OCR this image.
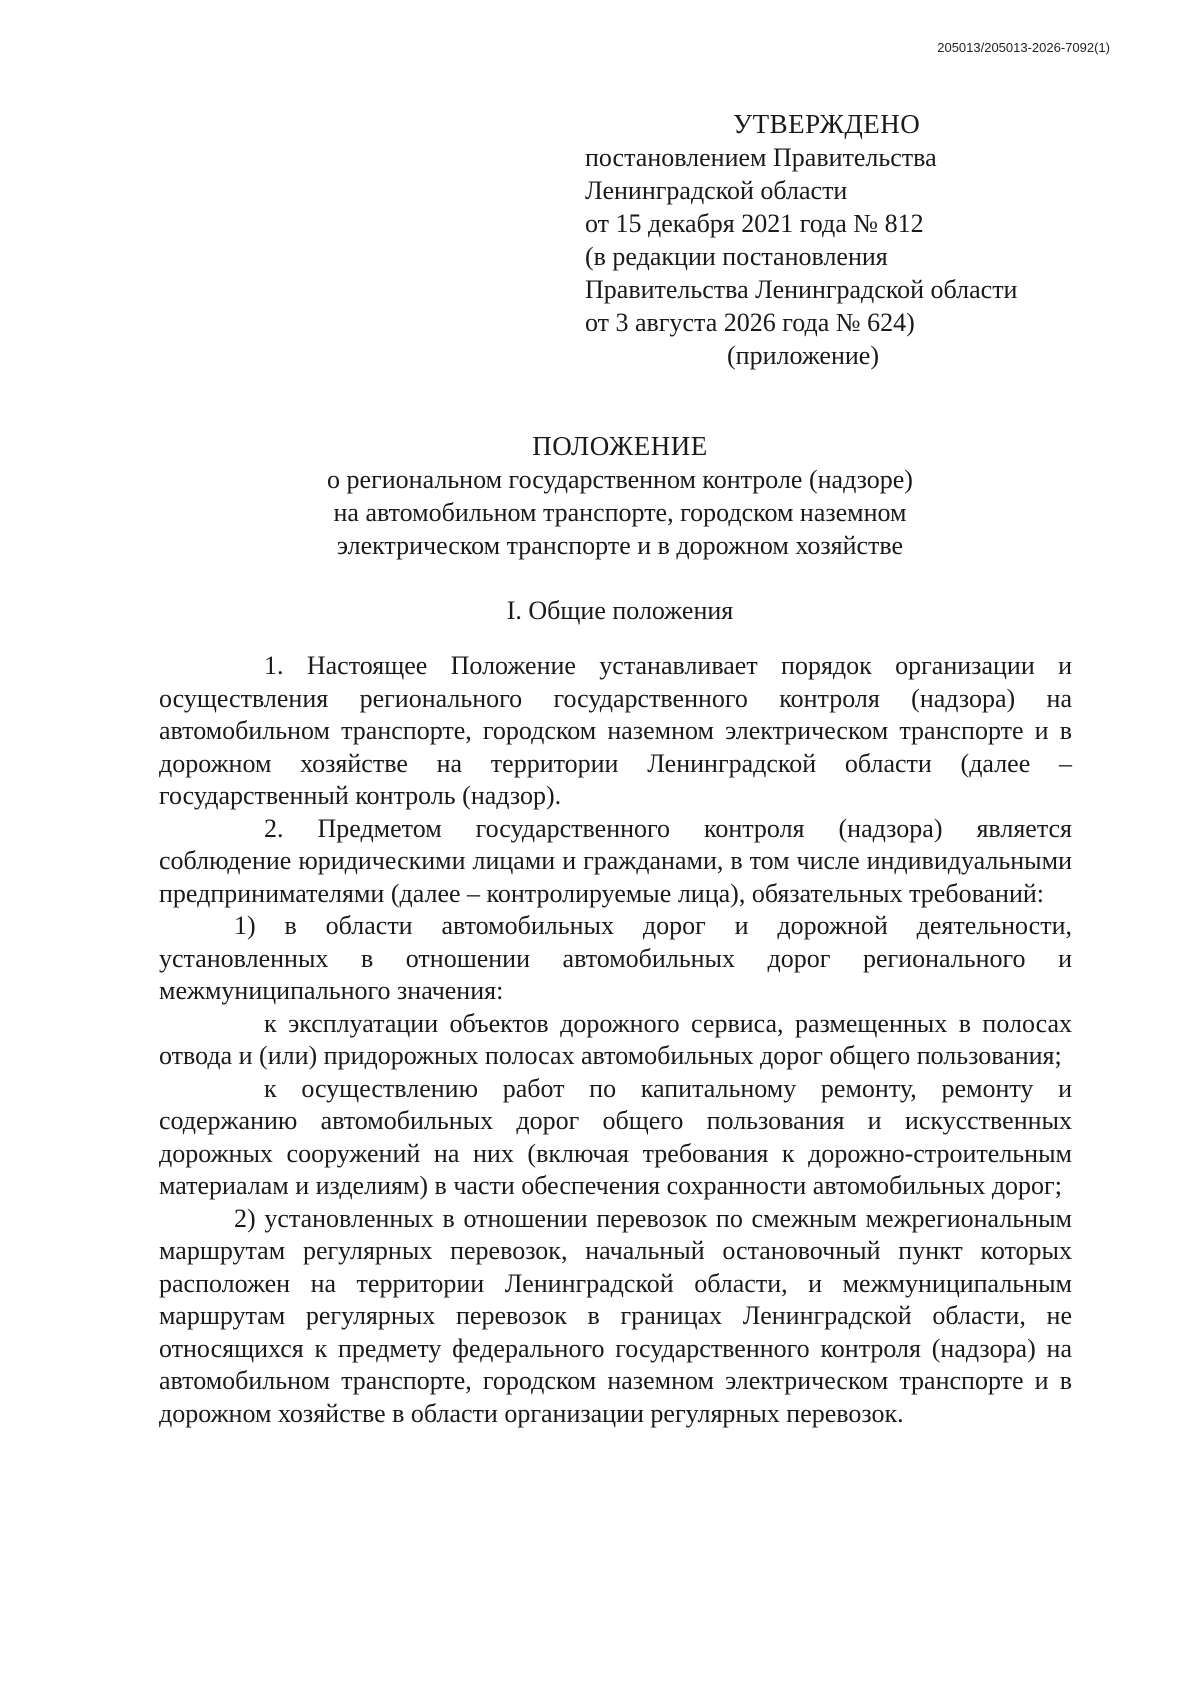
205013/205013-2026-7092(1)
УТВЕРЖДЕНО
постановлением Правительства
Ленинградской области
от 15 декабря 2021 года № 812
(в редакции постановления
Правительства Ленинградской области
от 3 августа 2026 года № 624)
(приложение)
ПОЛОЖЕНИЕ
о региональном государственном контроле (надзоре)
на автомобильном транспорте, городском наземном
электрическом транспорте и в дорожном хозяйстве
I. Общие положения

1. Настоящее Положение устанавливает порядок организации и осуществления регионального государственного контроля (надзора) на автомобильном транспорте, городском наземном электрическом транспорте и в дорожном хозяйстве на территории Ленинградской области (далее – государственный контроль (надзор).

2. Предметом государственного контроля (надзора) является соблюдение юридическими лицами и гражданами, в том числе индивидуальными предпринимателями (далее – контролируемые лица), обязательных требований:

1) в области автомобильных дорог и дорожной деятельности, установленных в отношении автомобильных дорог регионального и межмуниципального значения:

к эксплуатации объектов дорожного сервиса, размещенных в полосах отвода и (или) придорожных полосах автомобильных дорог общего пользования;

к осуществлению работ по капитальному ремонту, ремонту и содержанию автомобильных дорог общего пользования и искусственных дорожных сооружений на них (включая требования к дорожно-строительным материалам и изделиям) в части обеспечения сохранности автомобильных дорог;

2) установленных в отношении перевозок по смежным межрегиональным маршрутам регулярных перевозок, начальный остановочный пункт которых расположен на территории Ленинградской области, и межмуниципальным маршрутам регулярных перевозок в границах Ленинградской области, не относящихся к предмету федерального государственного контроля (надзора) на автомобильном транспорте, городском наземном электрическом транспорте и в дорожном хозяйстве в области организации регулярных перевозок.
